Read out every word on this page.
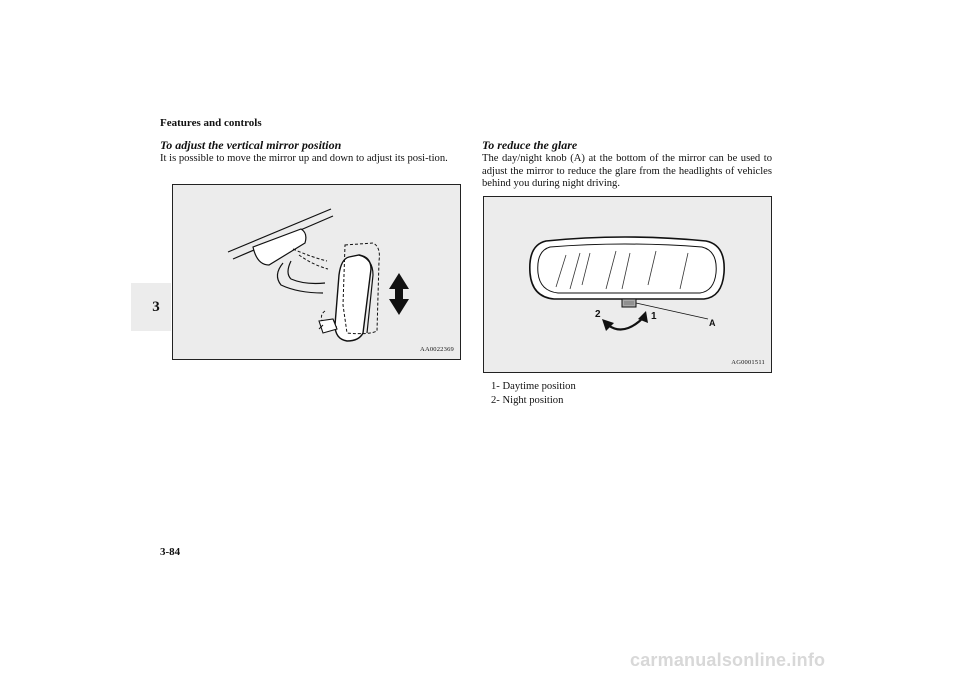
Features and controls
3
To adjust the vertical mirror position
It is possible to move the mirror up and down to adjust its posi-tion.
AA0022369
To reduce the glare
The day/night knob (A) at the bottom of the mirror can be used to adjust the mirror to reduce the glare from the headlights of vehicles behind you during night driving.
2	1
A
AG0001511
1- Daytime position
2- Night position
3-84
carmanualsonline.info
